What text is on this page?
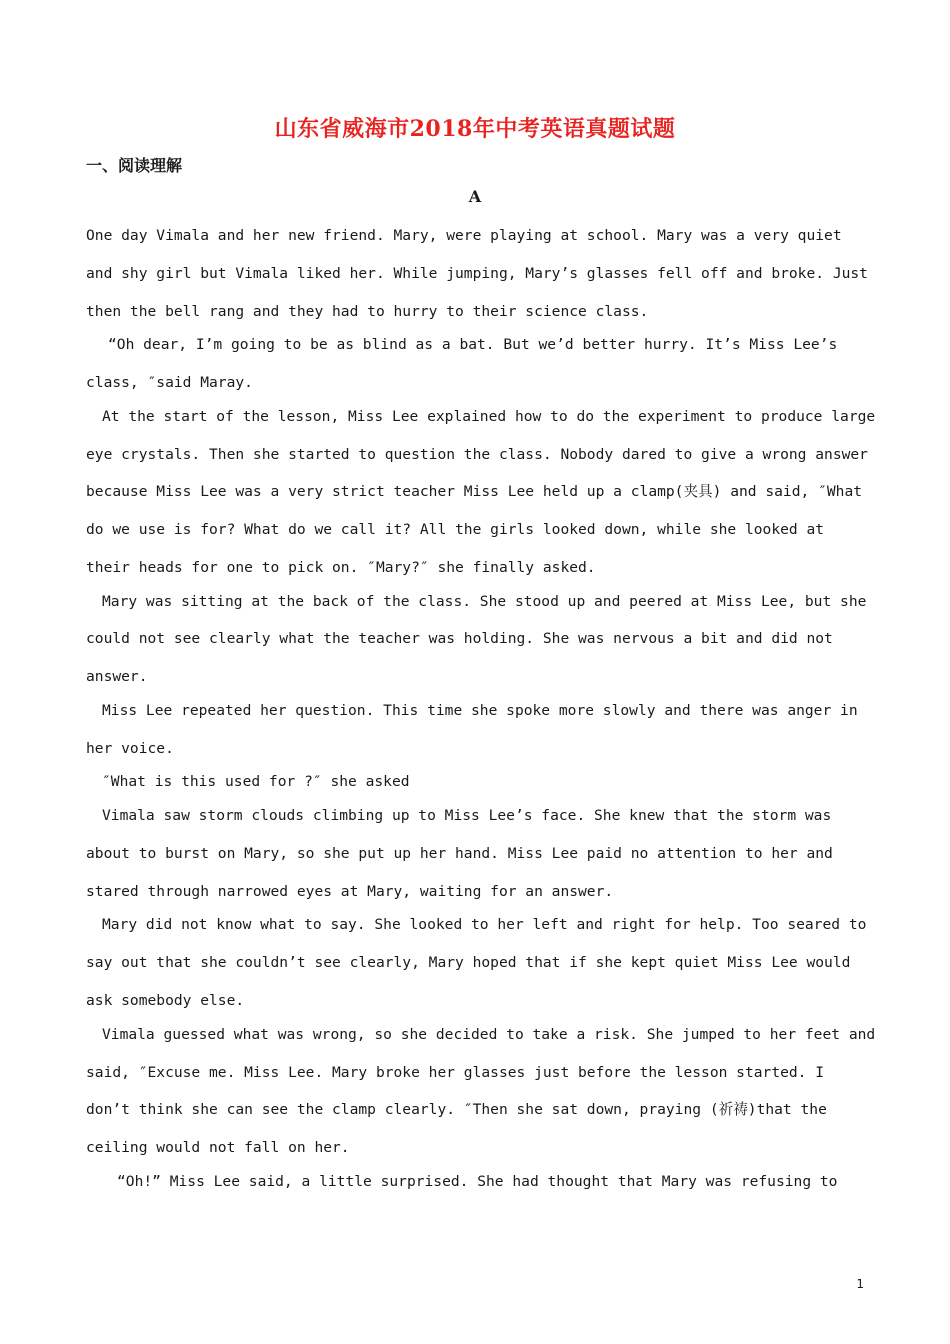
山东省威海市2018年中考英语真题试题
一、阅读理解
A

One day Vimala and her new friend. Mary, were playing at school. Mary was a very quiet and shy girl but Vimala liked her. While jumping, Mary’s glasses fell off and broke. Just then the bell rang and they had to hurry to their science class.

“Oh dear, I’m going to be as blind as a bat. But we’d better hurry. It’s Miss Lee’s class, ″said Maray.

At the start of the lesson, Miss Lee explained how to do the experiment to produce large eye crystals. Then she started to question the class. Nobody dared to give a wrong answer because Miss Lee was a very strict teacher Miss Lee held up a clamp(夹具) and said, ″What do we use is for? What do we call it? All the girls looked down, while she looked at their heads for one to pick on. ″Mary?″ she finally asked.

Mary was sitting at the back of the class. She stood up and peered at Miss Lee, but she could not see clearly what the teacher was holding. She was nervous a bit and did not answer.

Miss Lee repeated her question. This time she spoke more slowly and there was anger in her voice.

″What is this used for ?″ she asked

Vimala saw storm clouds climbing up to Miss Lee’s face. She knew that the storm was about to burst on Mary, so she put up her hand. Miss Lee paid no attention to her and stared through narrowed eyes at Mary, waiting for an answer.

Mary did not know what to say. She looked to her left and right for help. Too seared to say out that she couldn’t see clearly, Mary hoped that if she kept quiet Miss Lee would ask somebody else.

Vimala guessed what was wrong, so she decided to take a risk. She jumped to her feet and said, ″Excuse me. Miss Lee. Mary broke her glasses just before the lesson started. I don’t think she can see the clamp clearly. ″Then she sat down, praying (祈祷)that the ceiling would not fall on her.

“Oh!” Miss Lee said, a little surprised. She had thought that Mary was refusing to

1
